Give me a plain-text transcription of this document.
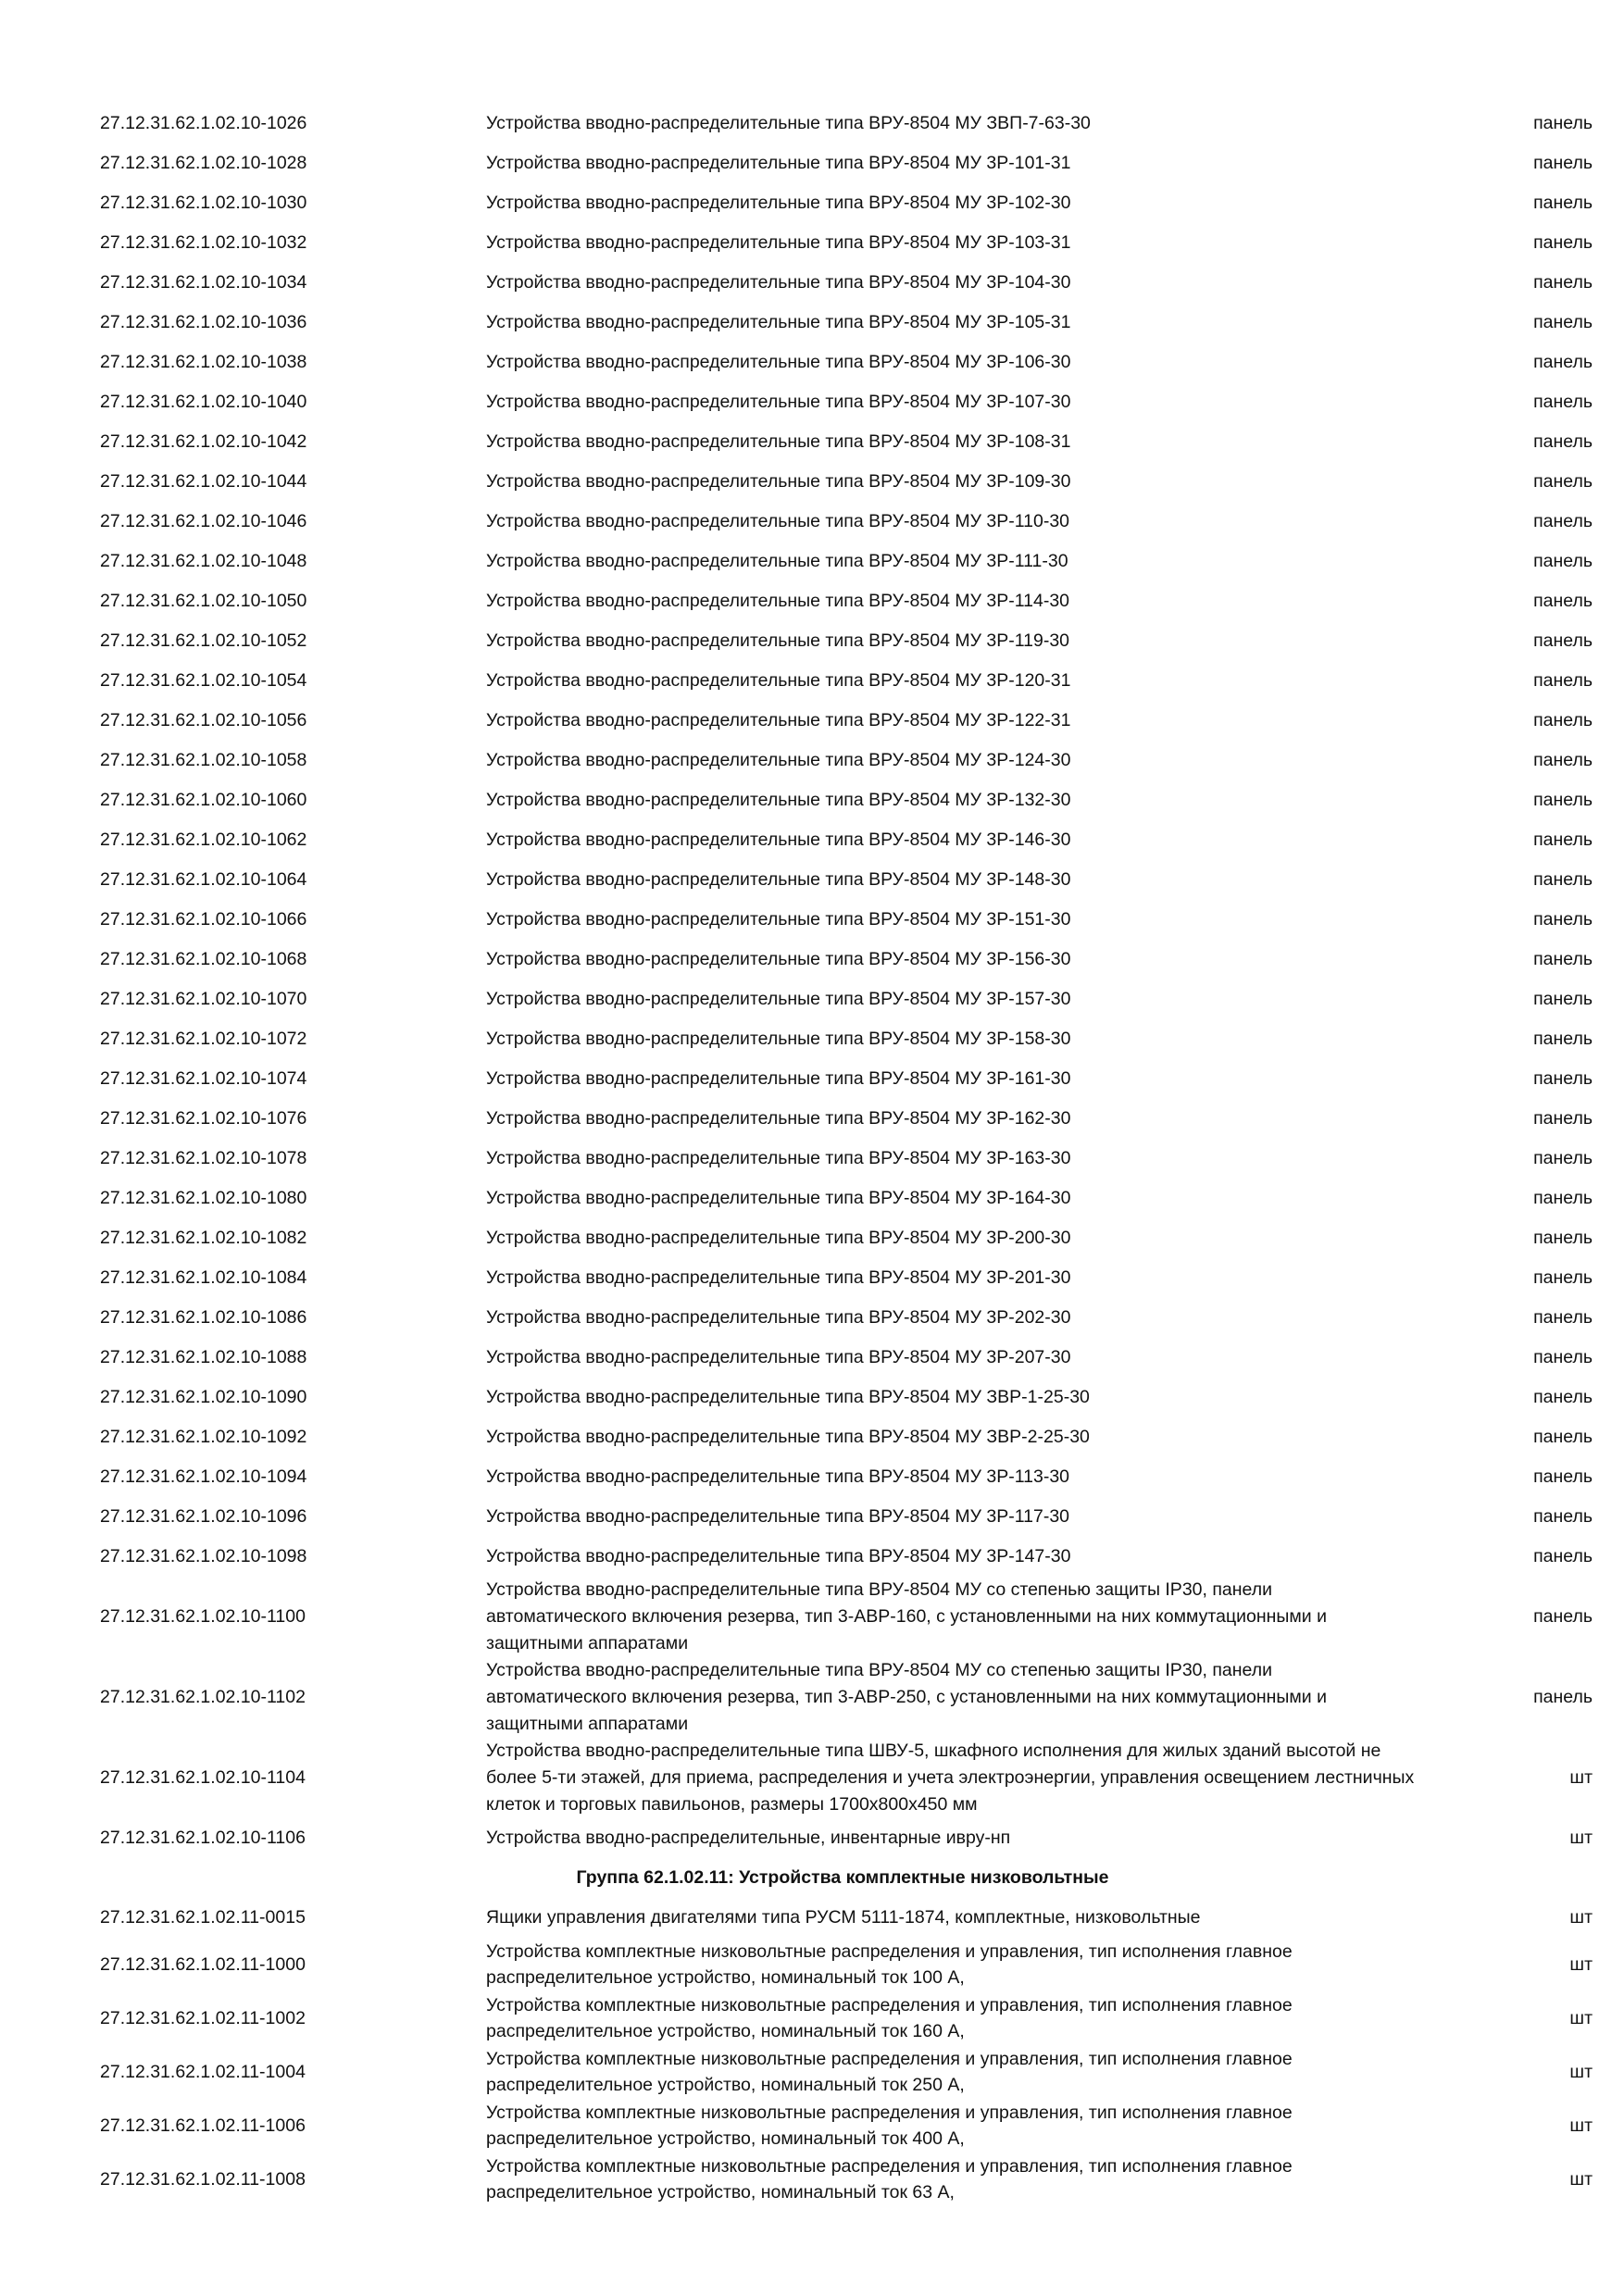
27.12.31.62.1.02.10-1026	Устройства вводно-распределительные типа ВРУ-8504 МУ ЗВП-7-63-30	панель
27.12.31.62.1.02.10-1028	Устройства вводно-распределительные типа ВРУ-8504 МУ 3Р-101-31	панель
27.12.31.62.1.02.10-1030	Устройства вводно-распределительные типа ВРУ-8504 МУ 3Р-102-30	панель
27.12.31.62.1.02.10-1032	Устройства вводно-распределительные типа ВРУ-8504 МУ 3Р-103-31	панель
27.12.31.62.1.02.10-1034	Устройства вводно-распределительные типа ВРУ-8504 МУ 3Р-104-30	панель
27.12.31.62.1.02.10-1036	Устройства вводно-распределительные типа ВРУ-8504 МУ 3Р-105-31	панель
27.12.31.62.1.02.10-1038	Устройства вводно-распределительные типа ВРУ-8504 МУ 3Р-106-30	панель
27.12.31.62.1.02.10-1040	Устройства вводно-распределительные типа ВРУ-8504 МУ 3Р-107-30	панель
27.12.31.62.1.02.10-1042	Устройства вводно-распределительные типа ВРУ-8504 МУ 3Р-108-31	панель
27.12.31.62.1.02.10-1044	Устройства вводно-распределительные типа ВРУ-8504 МУ 3Р-109-30	панель
27.12.31.62.1.02.10-1046	Устройства вводно-распределительные типа ВРУ-8504 МУ 3Р-110-30	панель
27.12.31.62.1.02.10-1048	Устройства вводно-распределительные типа ВРУ-8504 МУ 3Р-111-30	панель
27.12.31.62.1.02.10-1050	Устройства вводно-распределительные типа ВРУ-8504 МУ 3Р-114-30	панель
27.12.31.62.1.02.10-1052	Устройства вводно-распределительные типа ВРУ-8504 МУ 3Р-119-30	панель
27.12.31.62.1.02.10-1054	Устройства вводно-распределительные типа ВРУ-8504 МУ 3Р-120-31	панель
27.12.31.62.1.02.10-1056	Устройства вводно-распределительные типа ВРУ-8504 МУ 3Р-122-31	панель
27.12.31.62.1.02.10-1058	Устройства вводно-распределительные типа ВРУ-8504 МУ 3Р-124-30	панель
27.12.31.62.1.02.10-1060	Устройства вводно-распределительные типа ВРУ-8504 МУ 3Р-132-30	панель
27.12.31.62.1.02.10-1062	Устройства вводно-распределительные типа ВРУ-8504 МУ 3Р-146-30	панель
27.12.31.62.1.02.10-1064	Устройства вводно-распределительные типа ВРУ-8504 МУ 3Р-148-30	панель
27.12.31.62.1.02.10-1066	Устройства вводно-распределительные типа ВРУ-8504 МУ 3Р-151-30	панель
27.12.31.62.1.02.10-1068	Устройства вводно-распределительные типа ВРУ-8504 МУ 3Р-156-30	панель
27.12.31.62.1.02.10-1070	Устройства вводно-распределительные типа ВРУ-8504 МУ 3Р-157-30	панель
27.12.31.62.1.02.10-1072	Устройства вводно-распределительные типа ВРУ-8504 МУ 3Р-158-30	панель
27.12.31.62.1.02.10-1074	Устройства вводно-распределительные типа ВРУ-8504 МУ 3Р-161-30	панель
27.12.31.62.1.02.10-1076	Устройства вводно-распределительные типа ВРУ-8504 МУ 3Р-162-30	панель
27.12.31.62.1.02.10-1078	Устройства вводно-распределительные типа ВРУ-8504 МУ 3Р-163-30	панель
27.12.31.62.1.02.10-1080	Устройства вводно-распределительные типа ВРУ-8504 МУ 3Р-164-30	панель
27.12.31.62.1.02.10-1082	Устройства вводно-распределительные типа ВРУ-8504 МУ 3Р-200-30	панель
27.12.31.62.1.02.10-1084	Устройства вводно-распределительные типа ВРУ-8504 МУ 3Р-201-30	панель
27.12.31.62.1.02.10-1086	Устройства вводно-распределительные типа ВРУ-8504 МУ 3Р-202-30	панель
27.12.31.62.1.02.10-1088	Устройства вводно-распределительные типа ВРУ-8504 МУ 3Р-207-30	панель
27.12.31.62.1.02.10-1090	Устройства вводно-распределительные типа ВРУ-8504 МУ ЗВР-1-25-30	панель
27.12.31.62.1.02.10-1092	Устройства вводно-распределительные типа ВРУ-8504 МУ ЗВР-2-25-30	панель
27.12.31.62.1.02.10-1094	Устройства вводно-распределительные типа ВРУ-8504 МУ 3Р-113-30	панель
27.12.31.62.1.02.10-1096	Устройства вводно-распределительные типа ВРУ-8504 МУ 3Р-117-30	панель
27.12.31.62.1.02.10-1098	Устройства вводно-распределительные типа ВРУ-8504 МУ 3Р-147-30	панель
27.12.31.62.1.02.10-1100	Устройства вводно-распределительные типа ВРУ-8504 МУ со степенью защиты IP30, панели автоматического включения резерва, тип 3-АВР-160, с установленными на них коммутационными и защитными аппаратами	панель
27.12.31.62.1.02.10-1102	Устройства вводно-распределительные типа ВРУ-8504 МУ со степенью защиты IP30, панели автоматического включения резерва, тип 3-АВР-250, с установленными на них коммутационными и защитными аппаратами	панель
27.12.31.62.1.02.10-1104	Устройства вводно-распределительные типа ШВУ-5, шкафного исполнения для жилых зданий высотой не более 5-ти этажей, для приема, распределения и учета электроэнергии, управления освещением лестничных клеток и торговых павильонов, размеры 1700х800х450 мм	шт
27.12.31.62.1.02.10-1106	Устройства вводно-распределительные, инвентарные ивру-нп	шт
Группа 62.1.02.11: Устройства комплектные низковольтные		
27.12.31.62.1.02.11-0015	Ящики управления двигателями типа РУСМ 5111-1874, комплектные, низковольтные	шт
27.12.31.62.1.02.11-1000	Устройства комплектные низковольтные распределения и управления, тип исполнения главное распределительное устройство, номинальный ток 100 А,	шт
27.12.31.62.1.02.11-1002	Устройства комплектные низковольтные распределения и управления, тип исполнения главное распределительное устройство, номинальный ток 160 А,	шт
27.12.31.62.1.02.11-1004	Устройства комплектные низковольтные распределения и управления, тип исполнения главное распределительное устройство, номинальный ток 250 А,	шт
27.12.31.62.1.02.11-1006	Устройства комплектные низковольтные распределения и управления, тип исполнения главное распределительное устройство, номинальный ток 400 А,	шт
27.12.31.62.1.02.11-1008	Устройства комплектные низковольтные распределения и управления, тип исполнения главное распределительное устройство, номинальный ток 63 А,	шт
